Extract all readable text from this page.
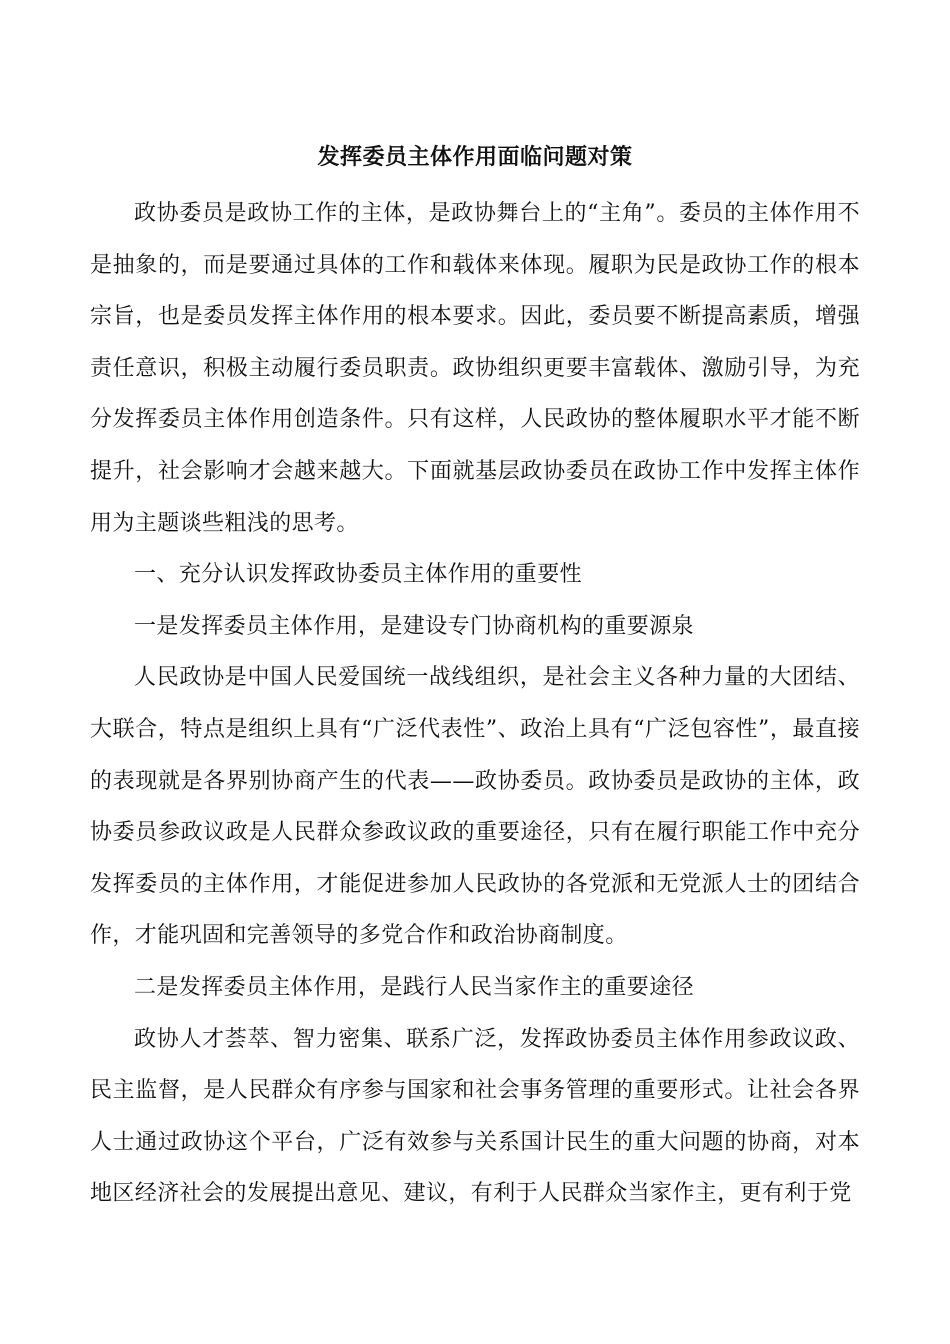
发挥委员主体作用面临问题对策

政协委员是政协工作的主体，是政协舞台上的“主角”。委员的主体作用不是抽象的，而是要通过具体的工作和载体来体现。履职为民是政协工作的根本宗旨，也是委员发挥主体作用的根本要求。因此，委员要不断提高素质，增强责任意识，积极主动履行委员职责。政协组织更要丰富载体、激励引导，为充分发挥委员主体作用创造条件。只有这样，人民政协的整体履职水平才能不断提升，社会影响才会越来越大。下面就基层政协委员在政协工作中发挥主体作用为主题谈些粗浅的思考。

一、充分认识发挥政协委员主体作用的重要性

一是发挥委员主体作用，是建设专门协商机构的重要源泉

人民政协是中国人民爱国统一战线组织，是社会主义各种力量的大团结、大联合，特点是组织上具有“广泛代表性”、政治上具有“广泛包容性”，最直接的表现就是各界别协商产生的代表——政协委员。政协委员是政协的主体，政协委员参政议政是人民群众参政议政的重要途径，只有在履行职能工作中充分发挥委员的主体作用，才能促进参加人民政协的各党派和无党派人士的团结合作，才能巩固和完善领导的多党合作和政治协商制度。

二是发挥委员主体作用，是践行人民当家作主的重要途径

政协人才荟萃、智力密集、联系广泛，发挥政协委员主体作用参政议政、民主监督，是人民群众有序参与国家和社会事务管理的重要形式。让社会各界人士通过政协这个平台，广泛有效参与关系国计民生的重大问题的协商，对本地区经济社会的发展提出意见、建议，有利于人民群众当家作主，更有利于党
